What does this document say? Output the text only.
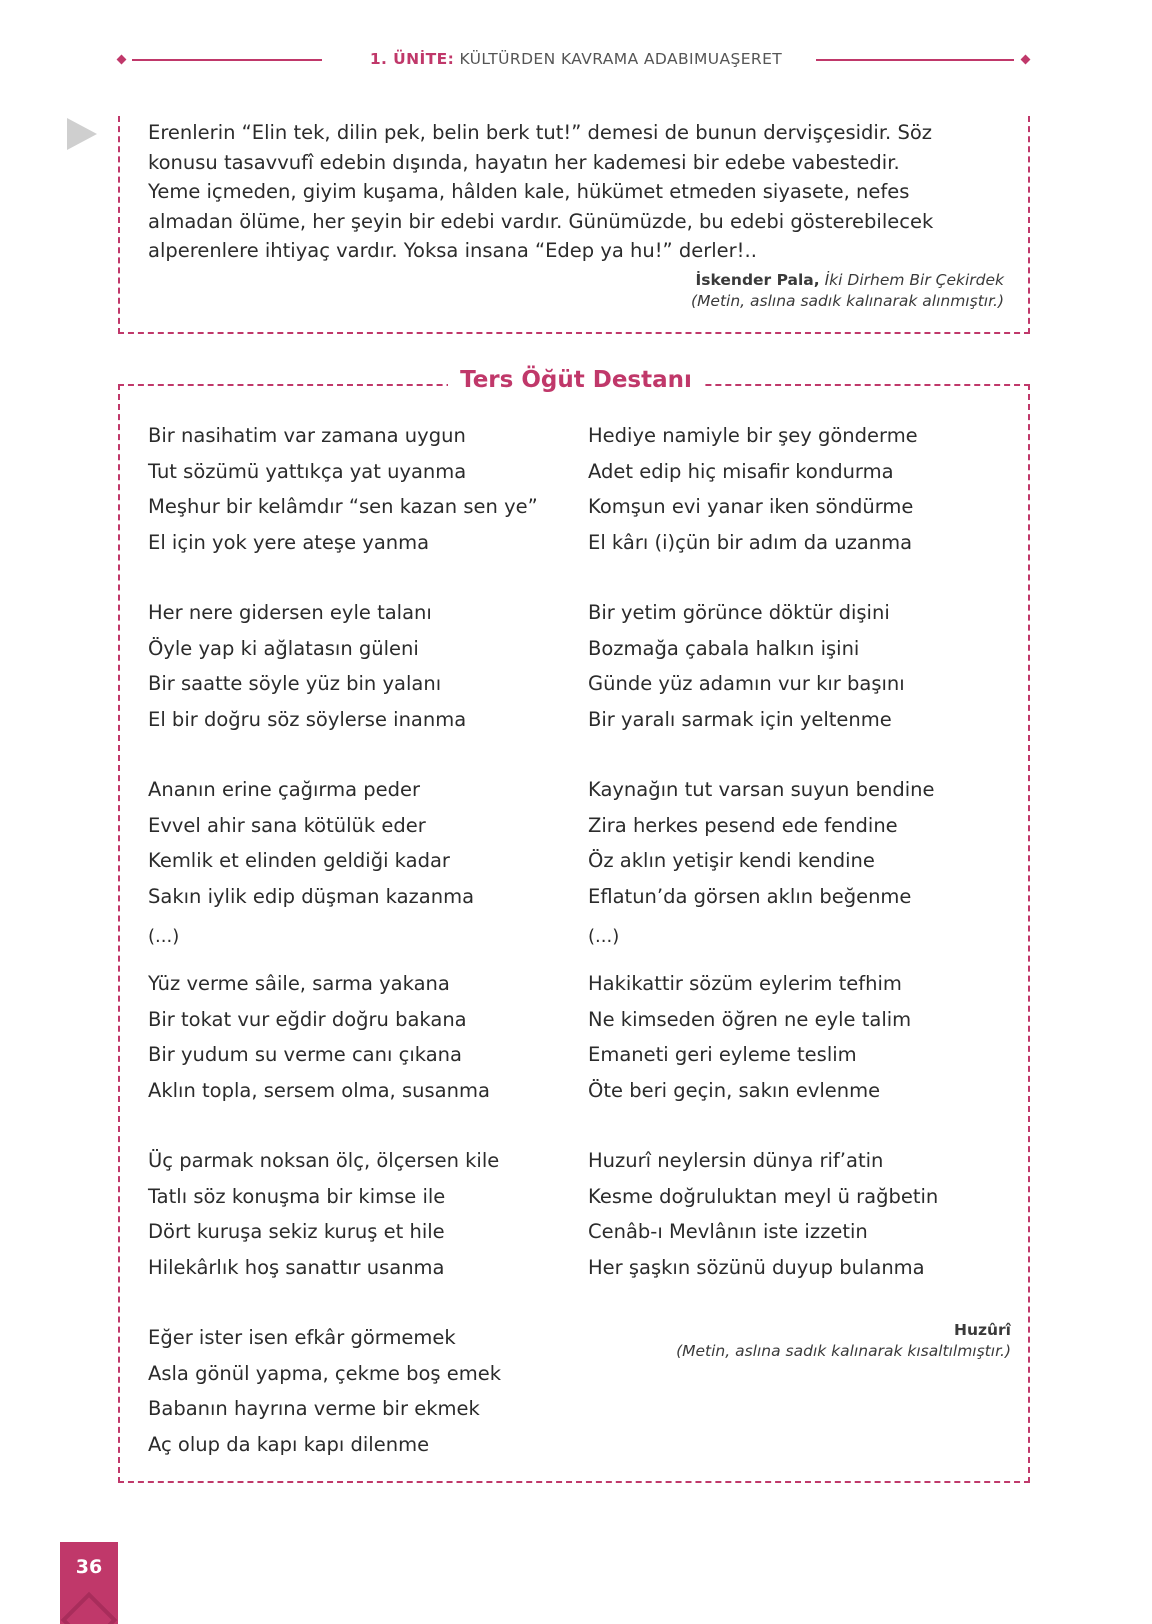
1. ÜNİTE: KÜLTÜRDEN KAVRAMA ADABIMUAŞERET
Erenlerin “Elin tek, dilin pek, belin berk tut!” demesi de bunun dervişçesidir. Söz
konusu tasavvufî edebin dışında, hayatın her kademesi bir edebe vabestedir.
Yeme içmeden, giyim kuşama, hâlden kale, hükümet etmeden siyasete, nefes
almadan ölüme, her şeyin bir edebi vardır. Günümüzde, bu edebi gösterebilecek
alperenlere ihtiyaç vardır. Yoksa insana “Edep ya hu!” derler!..
İskender Pala, İki Dirhem Bir Çekirdek
(Metin, aslına sadık kalınarak alınmıştır.)
Ters Öğüt Destanı
Bir nasihatim var zamana uygun
Tut sözümü yattıkça yat uyanma
Meşhur bir kelâmdır “sen kazan sen ye”
El için yok yere ateşe yanma
Her nere gidersen eyle talanı
Öyle yap ki ağlatasın güleni
Bir saatte söyle yüz bin yalanı
El bir doğru söz söylerse inanma
Ananın erine çağırma peder
Evvel ahir sana kötülük eder
Kemlik et elinden geldiği kadar
Sakın iylik edip düşman kazanma
Yüz verme sâile, sarma yakana
Bir tokat vur eğdir doğru bakana
Bir yudum su verme canı çıkana
Aklın topla, sersem olma, susanma
Üç parmak noksan ölç, ölçersen kile
Tatlı söz konuşma bir kimse ile
Dört kuruşa sekiz kuruş et hile
Hilekârlık hoş sanattır usanma
Eğer ister isen efkâr görmemek
Asla gönül yapma, çekme boş emek
Babanın hayrına verme bir ekmek
Aç olup da kapı kapı dilenme
(...)
Hediye namiyle bir şey gönderme
Adet edip hiç misafir kondurma
Komşun evi yanar iken söndürme
El kârı (i)çün bir adım da uzanma
Bir yetim görünce döktür dişini
Bozmağa çabala halkın işini
Günde yüz adamın vur kır başını
Bir yaralı sarmak için yeltenme
Kaynağın tut varsan suyun bendine
Zira herkes pesend ede fendine
Öz aklın yetişir kendi kendine
Eflatun’da görsen aklın beğenme
Hakikattir sözüm eylerim tefhim
Ne kimseden öğren ne eyle talim
Emaneti geri eyleme teslim
Öte beri geçin, sakın evlenme
Huzurî neylersin dünya rif’atin
Kesme doğruluktan meyl ü rağbetin
Cenâb-ı Mevlânın iste izzetin
Her şaşkın sözünü duyup bulanma
(...)
Huzûrî
(Metin, aslına sadık kalınarak kısaltılmıştır.)
36
